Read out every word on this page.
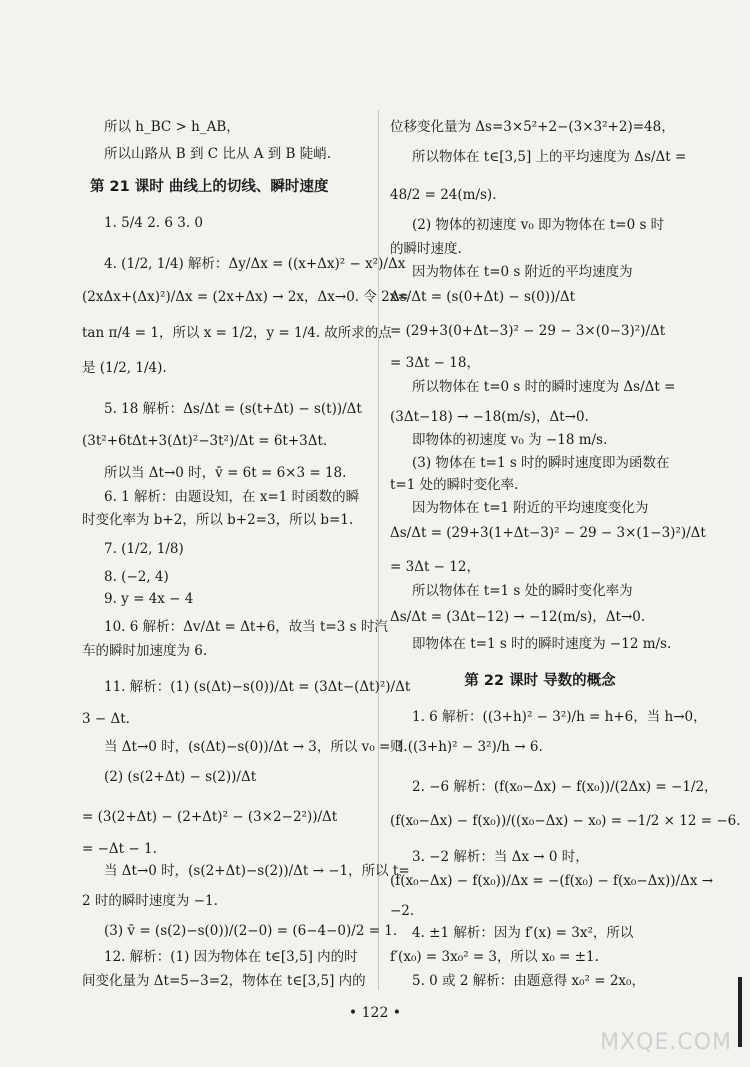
所以 h_BC > h_AB，
所以山路从 B 到 C 比从 A 到 B 陡峭.
第 21 课时 曲线上的切线、瞬时速度
1. 5/4 2. 6 3. 0
4. (1/2, 1/4) 解析：Δy/Δx = ((x+Δx)² − x²)/Δx
(2xΔx+(Δx)²)/Δx = (2x+Δx) → 2x，Δx→0. 令 2x=
tan π/4 = 1，所以 x = 1/2，y = 1/4. 故所求的点
是 (1/2, 1/4).
5. 18 解析：Δs/Δt = (s(t+Δt) − s(t))/Δt
(3t²+6tΔt+3(Δt)²−3t²)/Δt = 6t+3Δt.
所以当 Δt→0 时，v̄ = 6t = 6×3 = 18.
6. 1 解析：由题设知，在 x=1 时函数的瞬
时变化率为 b+2，所以 b+2=3，所以 b=1.
7. (1/2, 1/8)
8. (−2, 4)
9. y = 4x − 4
10. 6 解析：Δv/Δt = Δt+6，故当 t=3 s 时汽
车的瞬时加速度为 6.
11. 解析：(1) (s(Δt)−s(0))/Δt = (3Δt−(Δt)²)/Δt
3 − Δt.
当 Δt→0 时，(s(Δt)−s(0))/Δt → 3，所以 v₀ = 3.
(2) (s(2+Δt) − s(2))/Δt
= (3(2+Δt) − (2+Δt)² − (3×2−2²))/Δt
= −Δt − 1.
当 Δt→0 时，(s(2+Δt)−s(2))/Δt → −1，所以 t=
2 时的瞬时速度为 −1.
(3) v̄ = (s(2)−s(0))/(2−0) = (6−4−0)/2 = 1.
12. 解析：(1) 因为物体在 t∈[3,5] 内的时
间变化量为 Δt=5−3=2，物体在 t∈[3,5] 内的
位移变化量为 Δs=3×5²+2−(3×3²+2)=48，
所以物体在 t∈[3,5] 上的平均速度为 Δs/Δt =
48/2 = 24(m/s).
(2) 物体的初速度 v₀ 即为物体在 t=0 s 时
的瞬时速度.
因为物体在 t=0 s 附近的平均速度为
Δs/Δt = (s(0+Δt) − s(0))/Δt
= (29+3(0+Δt−3)² − 29 − 3×(0−3)²)/Δt
= 3Δt − 18，
所以物体在 t=0 s 时的瞬时速度为 Δs/Δt =
(3Δt−18) → −18(m/s)，Δt→0.
即物体的初速度 v₀ 为 −18 m/s.
(3) 物体在 t=1 s 时的瞬时速度即为函数在
t=1 处的瞬时变化率.
因为物体在 t=1 附近的平均速度变化为
Δs/Δt = (29+3(1+Δt−3)² − 29 − 3×(1−3)²)/Δt
= 3Δt − 12，
所以物体在 t=1 s 处的瞬时变化率为
Δs/Δt = (3Δt−12) → −12(m/s)，Δt→0.
即物体在 t=1 s 时的瞬时速度为 −12 m/s.
第 22 课时 导数的概念
1. 6 解析：((3+h)² − 3²)/h = h+6，当 h→0，
则 ((3+h)² − 3²)/h → 6.
2. −6 解析：(f(x₀−Δx) − f(x₀))/(2Δx) = −1/2，
(f(x₀−Δx) − f(x₀))/((x₀−Δx) − x₀) = −1/2 × 12 = −6.
3. −2 解析：当 Δx → 0 时，
(f(x₀−Δx) − f(x₀))/Δx = −(f(x₀) − f(x₀−Δx))/Δx →
−2.
4. ±1 解析：因为 f′(x) = 3x²，所以
f′(x₀) = 3x₀² = 3，所以 x₀ = ±1.
5. 0 或 2 解析：由题意得 x₀² = 2x₀，
• 122 •
MXQE.COM
